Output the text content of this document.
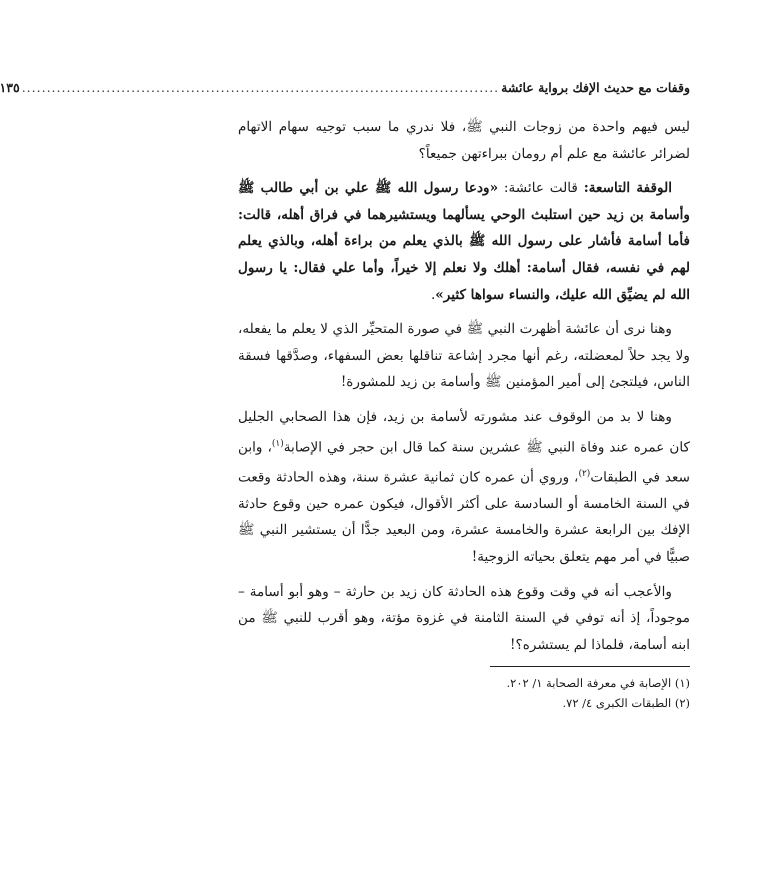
وقفات مع حديث الإفك برواية عائشة
................................................................................................
١٣٥

ليس فيهم واحدة من زوجات النبي ﷺ، فلا ندري ما سبب توجيه سهام الاتهام لضرائر عائشة مع علم أم رومان ببراءتهن جميعاً؟

الوقفة التاسعة: قالت عائشة: «ودعا رسول الله ﷺ علي بن أبي طالب ﷺ وأسامة بن زيد حين استلبث الوحي يسألهما ويستشيرهما في فراق أهله، قالت: فأما أسامة فأشار على رسول الله ﷺ بالذي يعلم من براءة أهله، وبالذي يعلم لهم في نفسه، فقال أسامة: أهلك ولا نعلم إلا خيراً، وأما علي فقال: يا رسول الله لم يضيِّق الله عليك، والنساء سواها كثير».

وهنا نرى أن عائشة أظهرت النبي ﷺ في صورة المتحيِّر الذي لا يعلم ما يفعله، ولا يجد حلاً لمعضلته، رغم أنها مجرد إشاعة تناقلها بعض السفهاء، وصدَّقها فسقة الناس، فيلتجئ إلى أمير المؤمنين ﷺ وأسامة بن زيد للمشورة!

وهنا لا بد من الوقوف عند مشورته لأسامة بن زيد، فإن هذا الصحابي الجليل كان عمره عند وفاة النبي ﷺ عشرين سنة كما قال ابن حجر في الإصابة$^{(١)}$، وابن سعد في الطبقات$^{(٢)}$، وروي أن عمره كان ثمانية عشرة سنة، وهذه الحادثة وقعت في السنة الخامسة أو السادسة على أكثر الأقوال، فيكون عمره حين وقوع حادثة الإفك بين الرابعة عشرة والخامسة عشرة، ومن البعيد جدًّا أن يستشير النبي ﷺ صبيًّا في أمر مهم يتعلق بحياته الزوجية!

والأعجب أنه في وقت وقوع هذه الحادثة كان زيد بن حارثة – وهو أبو أسامة – موجوداً، إذ أنه توفي في السنة الثامنة في غزوة مؤتة، وهو أقرب للنبي ﷺ من ابنه أسامة، فلماذا لم يستشره؟!

(١) الإصابة في معرفة الصحابة ١/ ٢٠٢.

(٢) الطبقات الكبرى ٤/ ٧٢.
